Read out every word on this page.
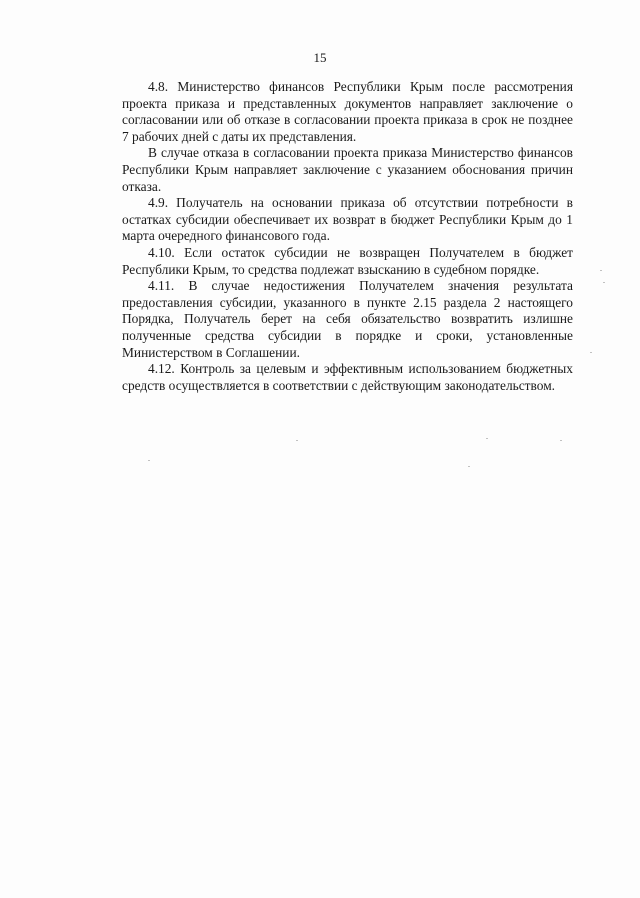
15

4.8. Министерство финансов Республики Крым после рассмотрения проекта приказа и представленных документов направляет заключение о согласовании или об отказе в согласовании проекта приказа в срок не позднее 7 рабочих дней с даты их представления.

В случае отказа в согласовании проекта приказа Министерство финансов Республики Крым направляет заключение с указанием обоснования причин отказа.

4.9. Получатель на основании приказа об отсутствии потребности в остатках субсидии обеспечивает их возврат в бюджет Республики Крым до 1 марта очередного финансового года.

4.10. Если остаток субсидии не возвращен Получателем в бюджет Республики Крым, то средства подлежат взысканию в судебном порядке.

4.11. В случае недостижения Получателем значения результата предоставления субсидии, указанного в пункте 2.15 раздела 2 настоящего Порядка, Получатель берет на себя обязательство возвратить излишне полученные средства субсидии в порядке и сроки, установленные Министерством в Соглашении.

4.12. Контроль за целевым и эффективным использованием бюджетных средств осуществляется в соответствии с действующим законодательством.
